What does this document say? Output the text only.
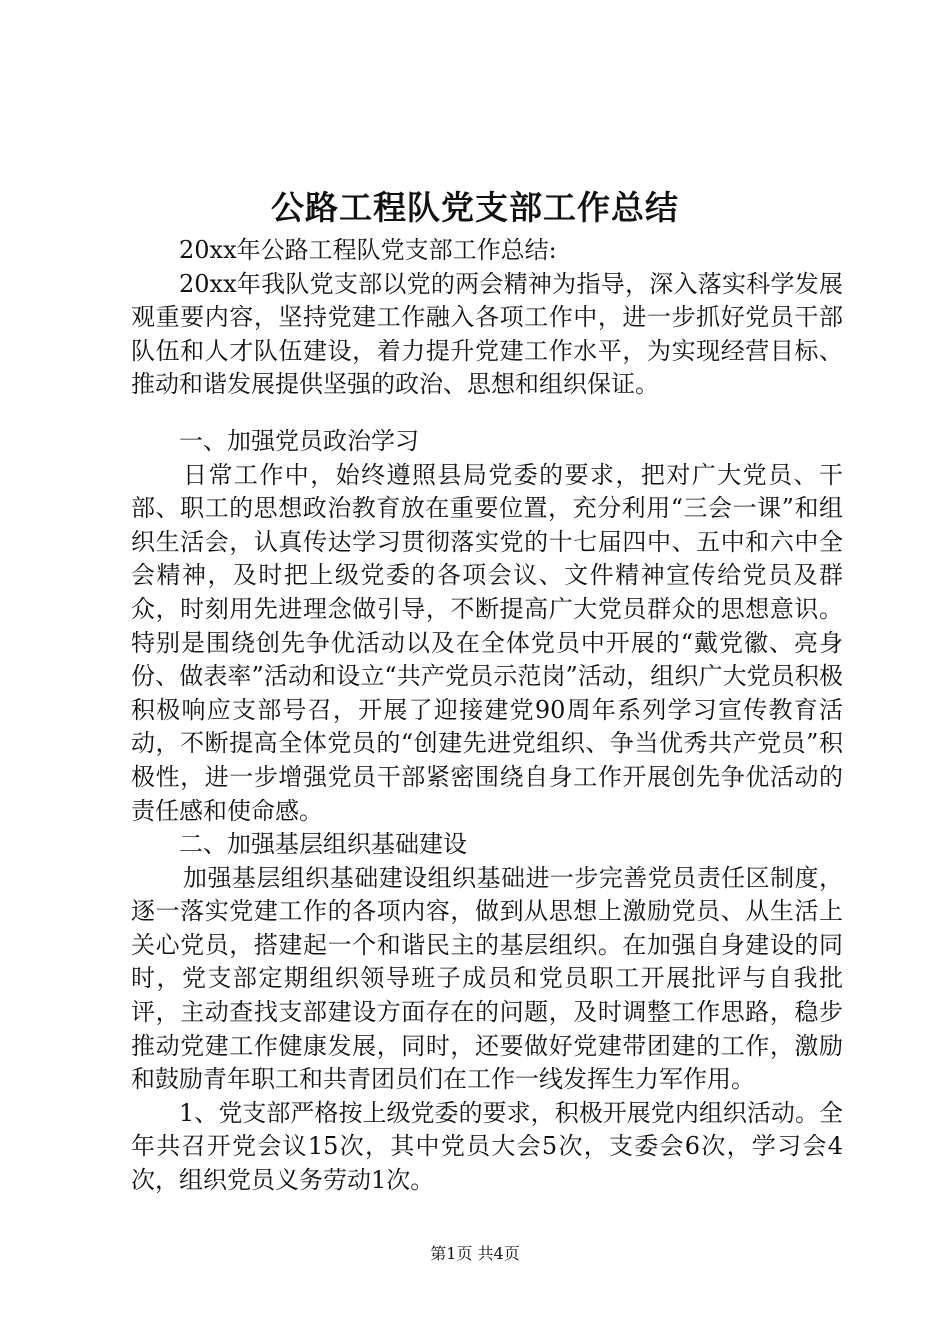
公路工程队党支部工作总结

20xx年公路工程队党支部工作总结:

20xx年我队党支部以党的两会精神为指导，深入落实科学发展观重要内容，坚持党建工作融入各项工作中，进一步抓好党员干部队伍和人才队伍建设，着力提升党建工作水平，为实现经营目标、推动和谐发展提供坚强的政治、思想和组织保证。

一、加强党员政治学习

日常工作中，始终遵照县局党委的要求，把对广大党员、干部、职工的思想政治教育放在重要位置，充分利用“三会一课”和组织生活会，认真传达学习贯彻落实党的十七届四中、五中和六中全会精神，及时把上级党委的各项会议、文件精神宣传给党员及群众，时刻用先进理念做引导，不断提高广大党员群众的思想意识。特别是围绕创先争优活动以及在全体党员中开展的“戴党徽、亮身份、做表率”活动和设立“共产党员示范岗”活动，组织广大党员积极积极响应支部号召，开展了迎接建党90周年系列学习宣传教育活动，不断提高全体党员的“创建先进党组织、争当优秀共产党员”积极性，进一步增强党员干部紧密围绕自身工作开展创先争优活动的责任感和使命感。

二、加强基层组织基础建设

加强基层组织基础建设组织基础进一步完善党员责任区制度，逐一落实党建工作的各项内容，做到从思想上激励党员、从生活上关心党员，搭建起一个和谐民主的基层组织。在加强自身建设的同时，党支部定期组织领导班子成员和党员职工开展批评与自我批评，主动查找支部建设方面存在的问题，及时调整工作思路，稳步推动党建工作健康发展，同时，还要做好党建带团建的工作，激励和鼓励青年职工和共青团员们在工作一线发挥生力军作用。

1、党支部严格按上级党委的要求，积极开展党内组织活动。全年共召开党会议15次，其中党员大会5次，支委会6次，学习会4次，组织党员义务劳动1次。

第1页 共4页
